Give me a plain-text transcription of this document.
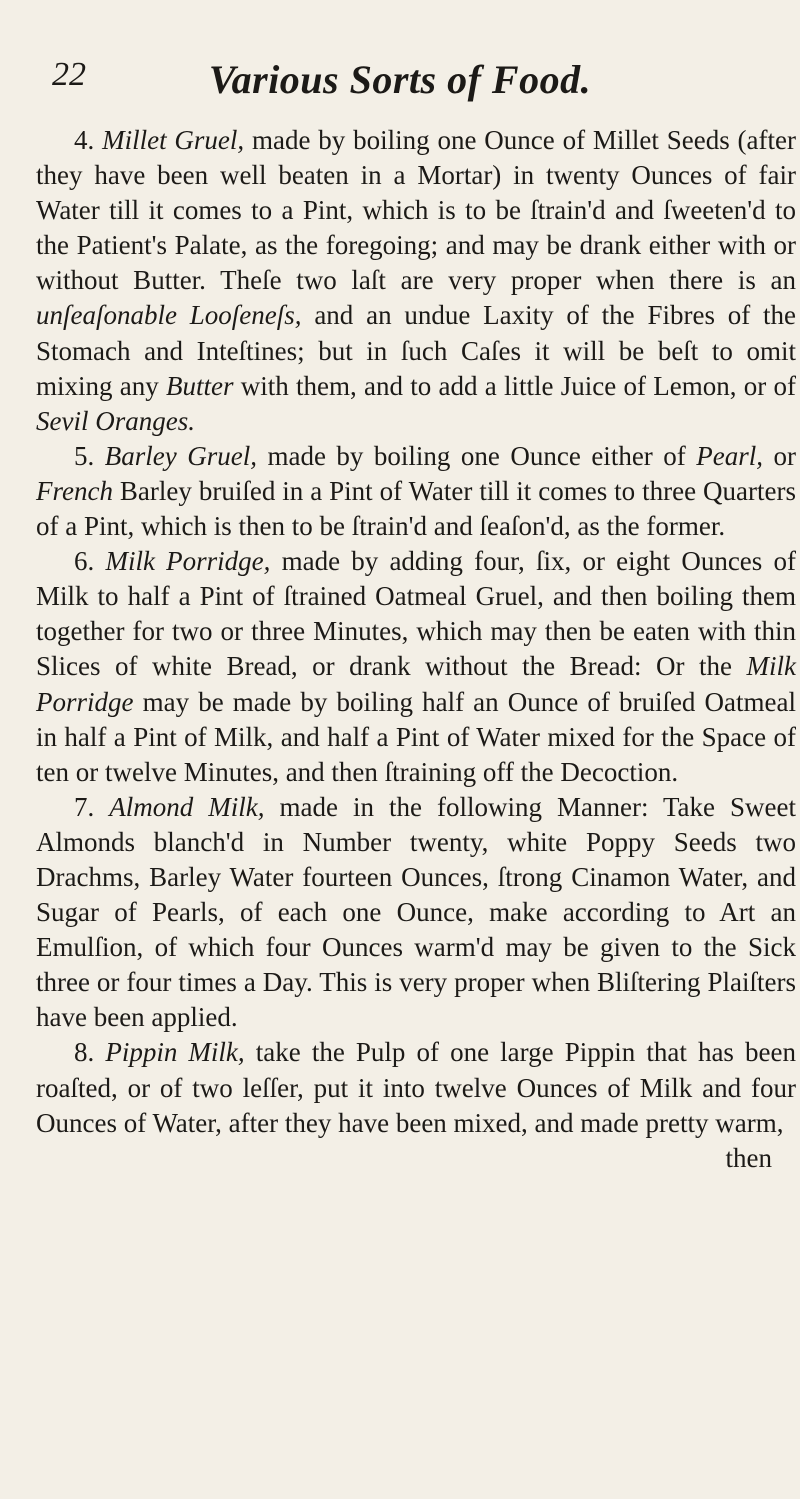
22	Various Sorts of Food.

4. Millet Gruel, made by boiling one Ounce of Millet Seeds (after they have been well beaten in a Mortar) in twenty Ounces of fair Water till it comes to a Pint, which is to be ſtrain'd and ſweeten'd to the Patient's Palate, as the foregoing; and may be drank either with or without Butter. Theſe two laſt are very proper when there is an unſeaſonable Looſeneſs, and an undue Laxity of the Fibres of the Stomach and Inteſtines; but in ſuch Caſes it will be beſt to omit mixing any Butter with them, and to add a little Juice of Lemon, or of Sevil Oranges.

5. Barley Gruel, made by boiling one Ounce either of Pearl, or French Barley bruiſed in a Pint of Water till it comes to three Quarters of a Pint, which is then to be ſtrain'd and ſeaſon'd, as the former.

6. Milk Porridge, made by adding four, ſix, or eight Ounces of Milk to half a Pint of ſtrained Oatmeal Gruel, and then boiling them together for two or three Minutes, which may then be eaten with thin Slices of white Bread, or drank without the Bread: Or the Milk Porridge may be made by boiling half an Ounce of bruiſed Oatmeal in half a Pint of Milk, and half a Pint of Water mixed for the Space of ten or twelve Minutes, and then ſtraining off the Decoction.

7. Almond Milk, made in the following Manner: Take Sweet Almonds blanch'd in Number twenty, white Poppy Seeds two Drachms, Barley Water fourteen Ounces, ſtrong Cinamon Water, and Sugar of Pearls, of each one Ounce, make according to Art an Emulſion, of which four Ounces warm'd may be given to the Sick three or four times a Day. This is very proper when Bliſtering Plaiſters have been applied.

8. Pippin Milk, take the Pulp of one large Pippin that has been roaſted, or of two leſſer, put it into twelve Ounces of Milk and four Ounces of Water, after they have been mixed, and made pretty warm,

then
